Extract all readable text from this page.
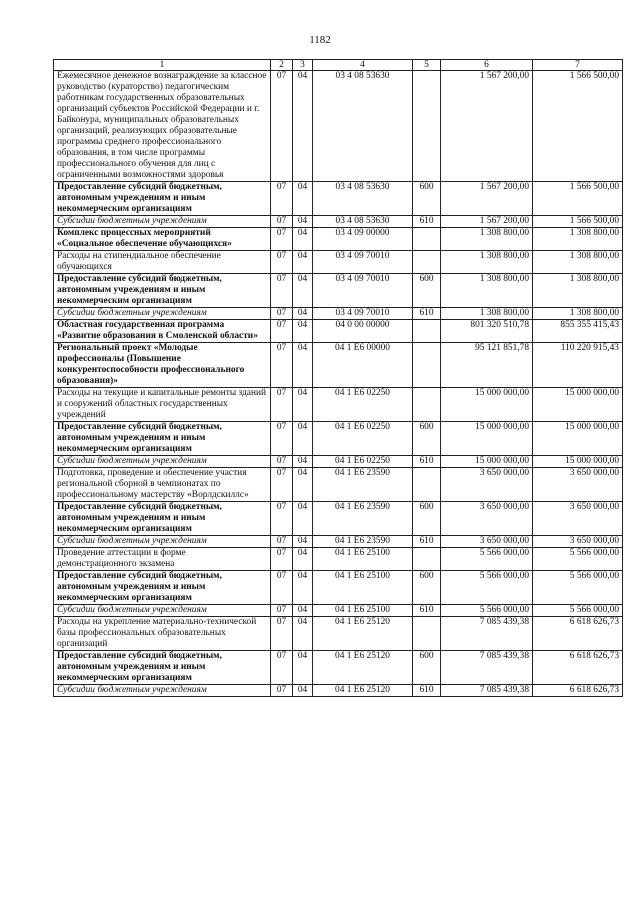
1182
1	2	3	4	5	6	7
Ежемесячное денежное вознаграждение за классное руководство (кураторство) педагогическим работникам государственных образовательных организаций субъектов Российской Федерации и г. Байконура, муниципальных образовательных организаций, реализующих образовательные программы среднего профессионального образования, в том числе программы профессионального обучения для лиц с ограниченными возможностями здоровья	07	04	03 4 08 53630		1 567 200,00	1 566 500,00
Предоставление субсидий бюджетным, автономным учреждениям и иным некоммерческим организациям	07	04	03 4 08 53630	600	1 567 200,00	1 566 500,00
Субсидии бюджетным учреждениям	07	04	03 4 08 53630	610	1 567 200,00	1 566 500,00
Комплекс процессных мероприятий «Социальное обеспечение обучающихся»	07	04	03 4 09 00000		1 308 800,00	1 308 800,00
Расходы на стипендиальное обеспечение обучающихся	07	04	03 4 09 70010		1 308 800,00	1 308 800,00
Предоставление субсидий бюджетным, автономным учреждениям и иным некоммерческим организациям	07	04	03 4 09 70010	600	1 308 800,00	1 308 800,00
Субсидии бюджетным учреждениям	07	04	03 4 09 70010	610	1 308 800,00	1 308 800,00
Областная государственная программа «Развитие образования в Смоленской области»	07	04	04 0 00 00000		801 320 510,78	855 355 415,43
Региональный проект «Молодые профессионалы (Повышение конкурентоспособности профессионального образования)»	07	04	04 1 Е6 00000		95 121 851,78	110 220 915,43
Расходы на текущие и капитальные ремонты зданий и сооружений областных государственных учреждений	07	04	04 1 Е6 02250		15 000 000,00	15 000 000,00
Предоставление субсидий бюджетным, автономным учреждениям и иным некоммерческим организациям	07	04	04 1 Е6 02250	600	15 000 000,00	15 000 000,00
Субсидии бюджетным учреждениям	07	04	04 1 Е6 02250	610	15 000 000,00	15 000 000,00
Подготовка, проведение и обеспечение участия региональной сборной в чемпионатах по профессиональному мастерству «Ворлдскиллс»	07	04	04 1 Е6 23590		3 650 000,00	3 650 000,00
Предоставление субсидий бюджетным, автономным учреждениям и иным некоммерческим организациям	07	04	04 1 Е6 23590	600	3 650 000,00	3 650 000,00
Субсидии бюджетным учреждениям	07	04	04 1 Е6 23590	610	3 650 000,00	3 650 000,00
Проведение аттестации в форме демонстрационного экзамена	07	04	04 1 Е6 25100		5 566 000,00	5 566 000,00
Предоставление субсидий бюджетным, автономным учреждениям и иным некоммерческим организациям	07	04	04 1 Е6 25100	600	5 566 000,00	5 566 000,00
Субсидии бюджетным учреждениям	07	04	04 1 Е6 25100	610	5 566 000,00	5 566 000,00
Расходы на укрепление материально-технической базы профессиональных образовательных организаций	07	04	04 1 Е6 25120		7 085 439,38	6 618 626,73
Предоставление субсидий бюджетным, автономным учреждениям и иным некоммерческим организациям	07	04	04 1 Е6 25120	600	7 085 439,38	6 618 626,73
Субсидии бюджетным учреждениям	07	04	04 1 Е6 25120	610	7 085 439,38	6 618 626,73
